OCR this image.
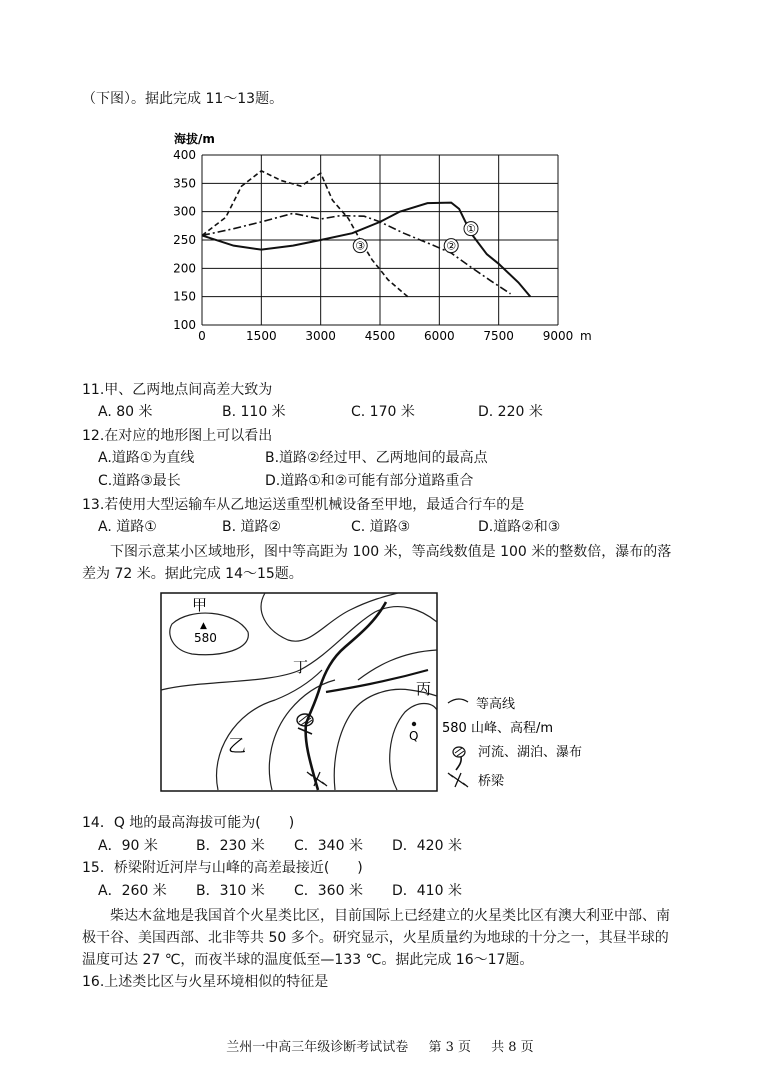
（下图）。据此完成 11～13题。
①
②
③
100
150
200
250
300
350
400
0	1500 3000 4500 6000 7500 9000 m
海拔/m
11.甲、乙两地点间高差大致为
A. 80 米	B. 110 米	C. 170 米	D. 220 米
12.在对应的地形图上可以看出
A.道路①为直线	B.道路②经过甲、乙两地间的最高点
C.道路③最长	D.道路①和②可能有部分道路重合
13.若使用大型运输车从乙地运送重型机械设备至甲地，最适合行车的是
A. 道路①	B. 道路②	C. 道路③	D.道路②和③

下图示意某小区域地形，图中等高距为 100 米，等高线数值是 100 米的整数倍，瀑布的落差为 72 米。据此完成 14～15题。

甲
▲
580
丁
丙
乙	Q
等高线
580 山峰、高程/m
河流、湖泊、瀑布
桥梁
14．Q 地的最高海拔可能为(　　)
A．90 米	B．230 米 C．340 米 D．420 米
15．桥梁附近河岸与山峰的高差最接近(　　)
A．260 米 B．310 米 C．360 米 D．410 米

柴达木盆地是我国首个火星类比区，目前国际上已经建立的火星类比区有澳大利亚中部、南极干谷、美国西部、北非等共 50 多个。研究显示，火星质量约为地球的十分之一，其昼半球的温度可达 27 ℃，而夜半球的温度低至—133 ℃。据此完成 16～17题。

16.上述类比区与火星环境相似的特征是
兰州一中高三年级诊断考试试卷 第 3 页 共 8 页
